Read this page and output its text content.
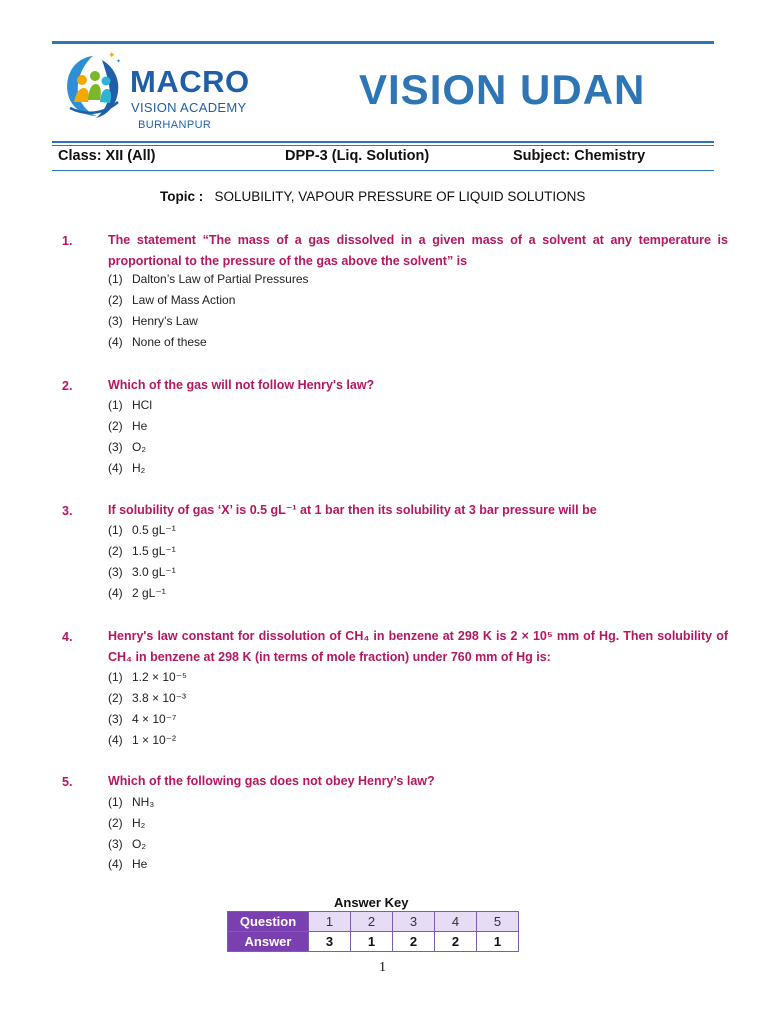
✦
✦
MACRO
VISION ACADEMY
BURHANPUR
VISION UDAN
Class: XII (All)	DPP-3 (Liq. Solution)	Subject: Chemistry
Topic : SOLUBILITY, VAPOUR PRESSURE OF LIQUID SOLUTIONS
1.	The statement “The mass of a gas dissolved in a given mass of a solvent at any temperature is proportional to the pressure of the gas above the solvent” is
(1) Dalton’s Law of Partial Pressures
(2) Law of Mass Action
(3) Henry’s Law
(4) None of these
2.	Which of the gas will not follow Henry's law?
(1) HCl
(2) He
(3) O₂
(4) H₂
3.	If solubility of gas ‘X’ is 0.5 gL⁻¹ at 1 bar then its solubility at 3 bar pressure will be
(1) 0.5 gL⁻¹
(2) 1.5 gL⁻¹
(3) 3.0 gL⁻¹
(4) 2 gL⁻¹
4.	Henry's law constant for dissolution of CH₄ in benzene at 298 K is 2 × 10⁵ mm of Hg. Then solubility of CH₄ in benzene at 298 K (in terms of mole fraction) under 760 mm of Hg is:
(1) 1.2 × 10⁻⁵
(2) 3.8 × 10⁻³
(3) 4 × 10⁻⁷
(4) 1 × 10⁻²
5.	Which of the following gas does not obey Henry’s law?
(1) NH₃
(2) H₂
(3) O₂
(4) He
Answer Key
Question	1	2	3	4	5
Answer	3	1	2	2	1
1
